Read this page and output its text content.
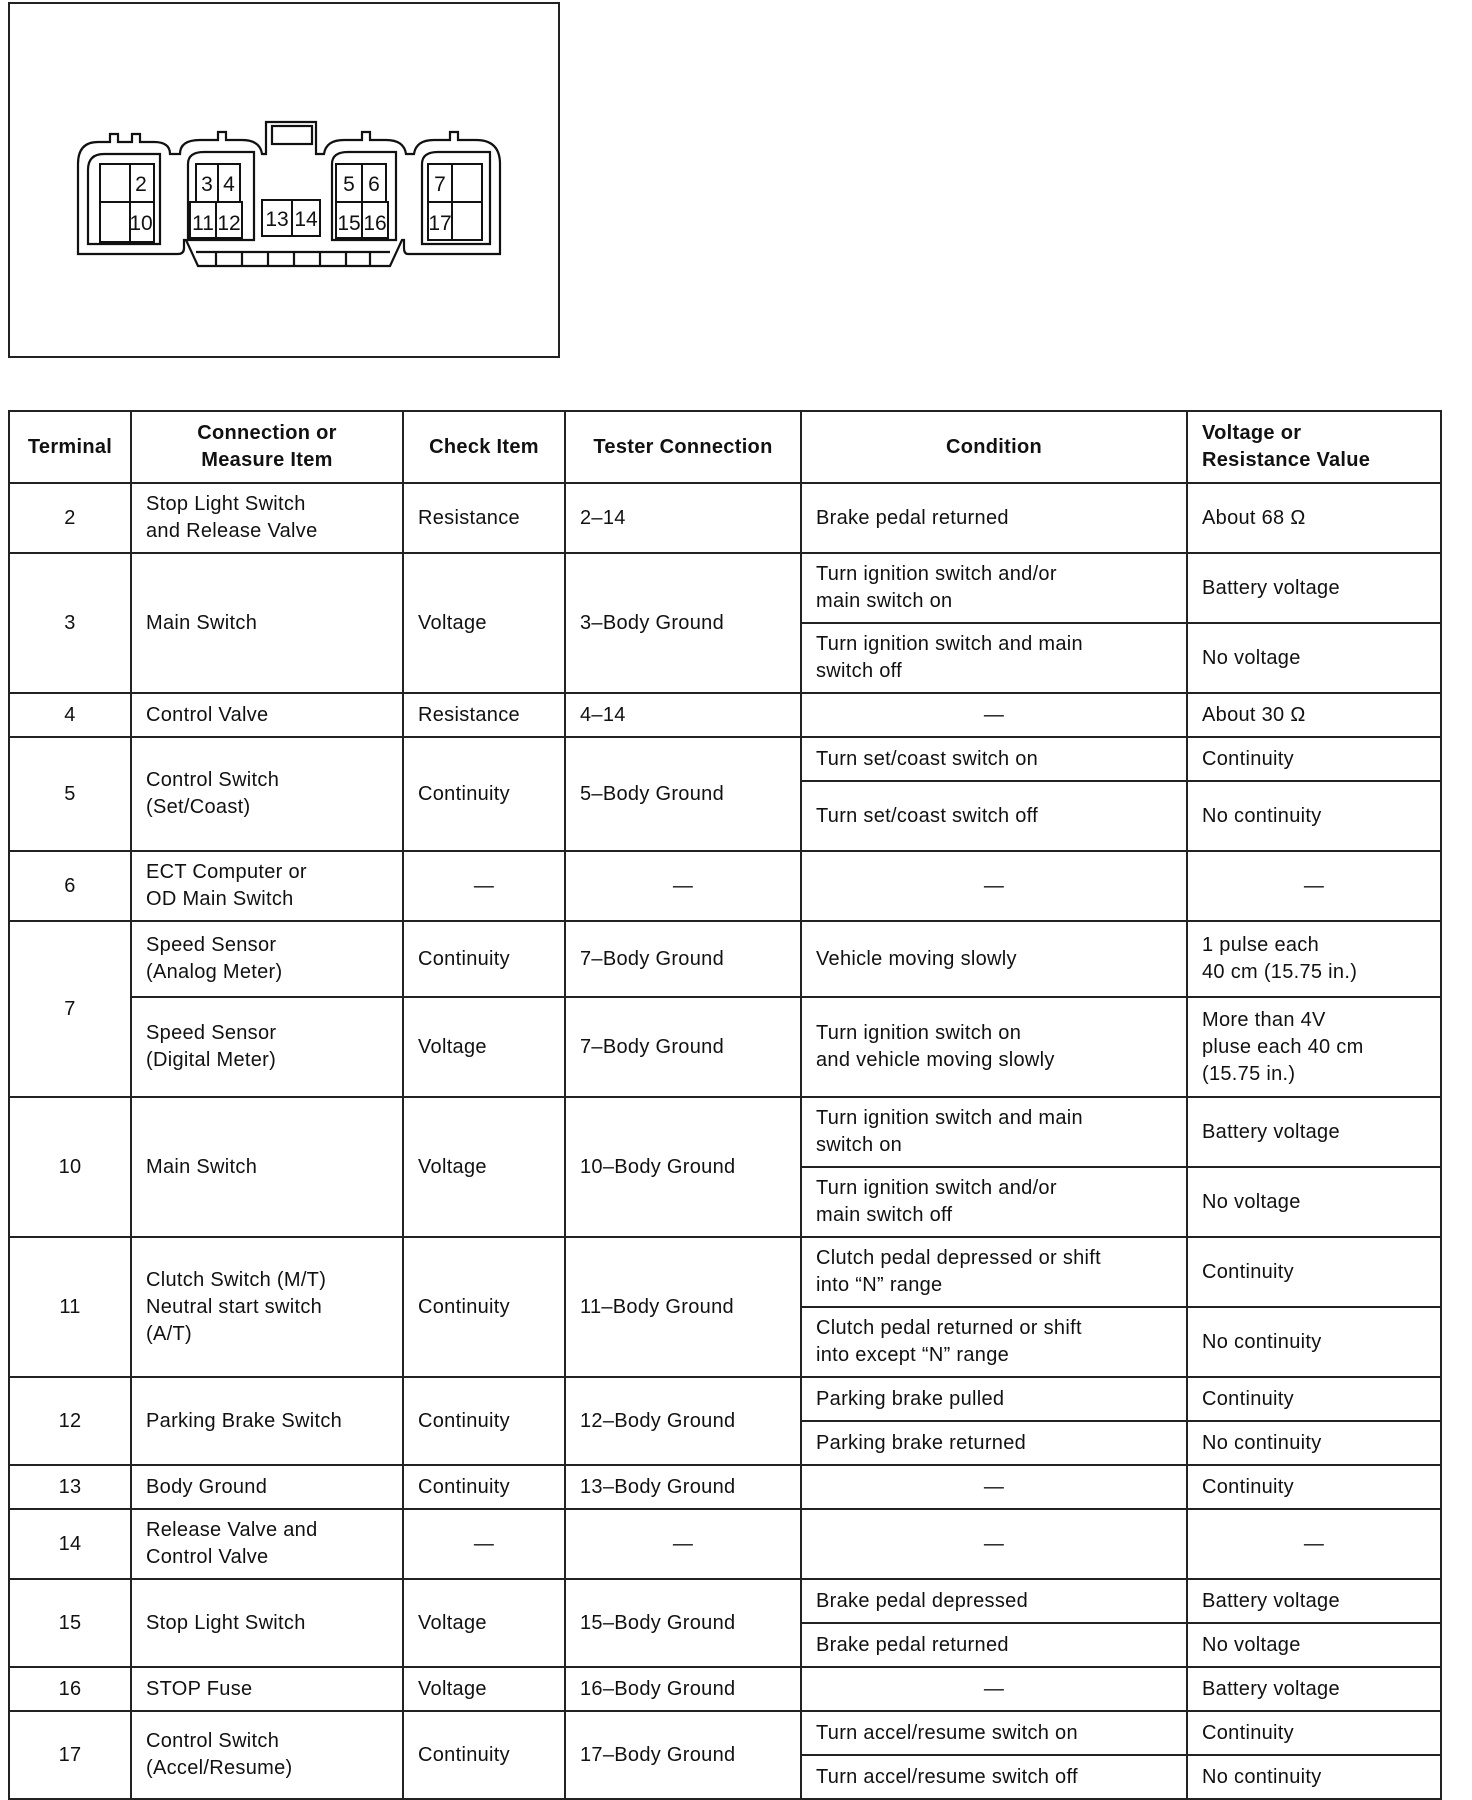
2	3 4	5 6	7
10 11 12 13 14 15 16 17
Terminal	Connection or
Measure Item	Check Item	Tester Connection	Condition	Voltage or
Resistance Value
2	Stop Light Switch
and Release Valve	Resistance	2–14	Brake pedal returned	About 68 Ω
3	Main Switch	Voltage	3–Body Ground	Turn ignition switch and/or
main switch on	Battery voltage
				Turn ignition switch and main
switch off	No voltage
4	Control Valve	Resistance	4–14	—	About 30 Ω
5	Control Switch
(Set/Coast)	Continuity	5–Body Ground	Turn set/coast switch on	Continuity
				Turn set/coast switch off	No continuity
6	ECT Computer or
OD Main Switch	—	—	—	—
7	Speed Sensor
(Analog Meter)	Continuity	7–Body Ground	Vehicle moving slowly	1 pulse each
40 cm (15.75 in.)
	Speed Sensor
(Digital Meter)	Voltage	7–Body Ground	Turn ignition switch on
and vehicle moving slowly	More than 4V
pluse each 40 cm
(15.75 in.)
10	Main Switch	Voltage	10–Body Ground	Turn ignition switch and main
switch on	Battery voltage
				Turn ignition switch and/or
main switch off	No voltage
11	Clutch Switch (M/T)
Neutral start switch
(A/T)	Continuity	11–Body Ground	Clutch pedal depressed or shift
into “N” range	Continuity
				Clutch pedal returned or shift
into except “N” range	No continuity
12	Parking Brake Switch	Continuity	12–Body Ground	Parking brake pulled	Continuity
				Parking brake returned	No continuity
13	Body Ground	Continuity	13–Body Ground	—	Continuity
14	Release Valve and
Control Valve	—	—	—	—
15	Stop Light Switch	Voltage	15–Body Ground	Brake pedal depressed	Battery voltage
				Brake pedal returned	No voltage
16	STOP Fuse	Voltage	16–Body Ground	—	Battery voltage
17	Control Switch
(Accel/Resume)	Continuity	17–Body Ground	Turn accel/resume switch on	Continuity
				Turn accel/resume switch off	No continuity
